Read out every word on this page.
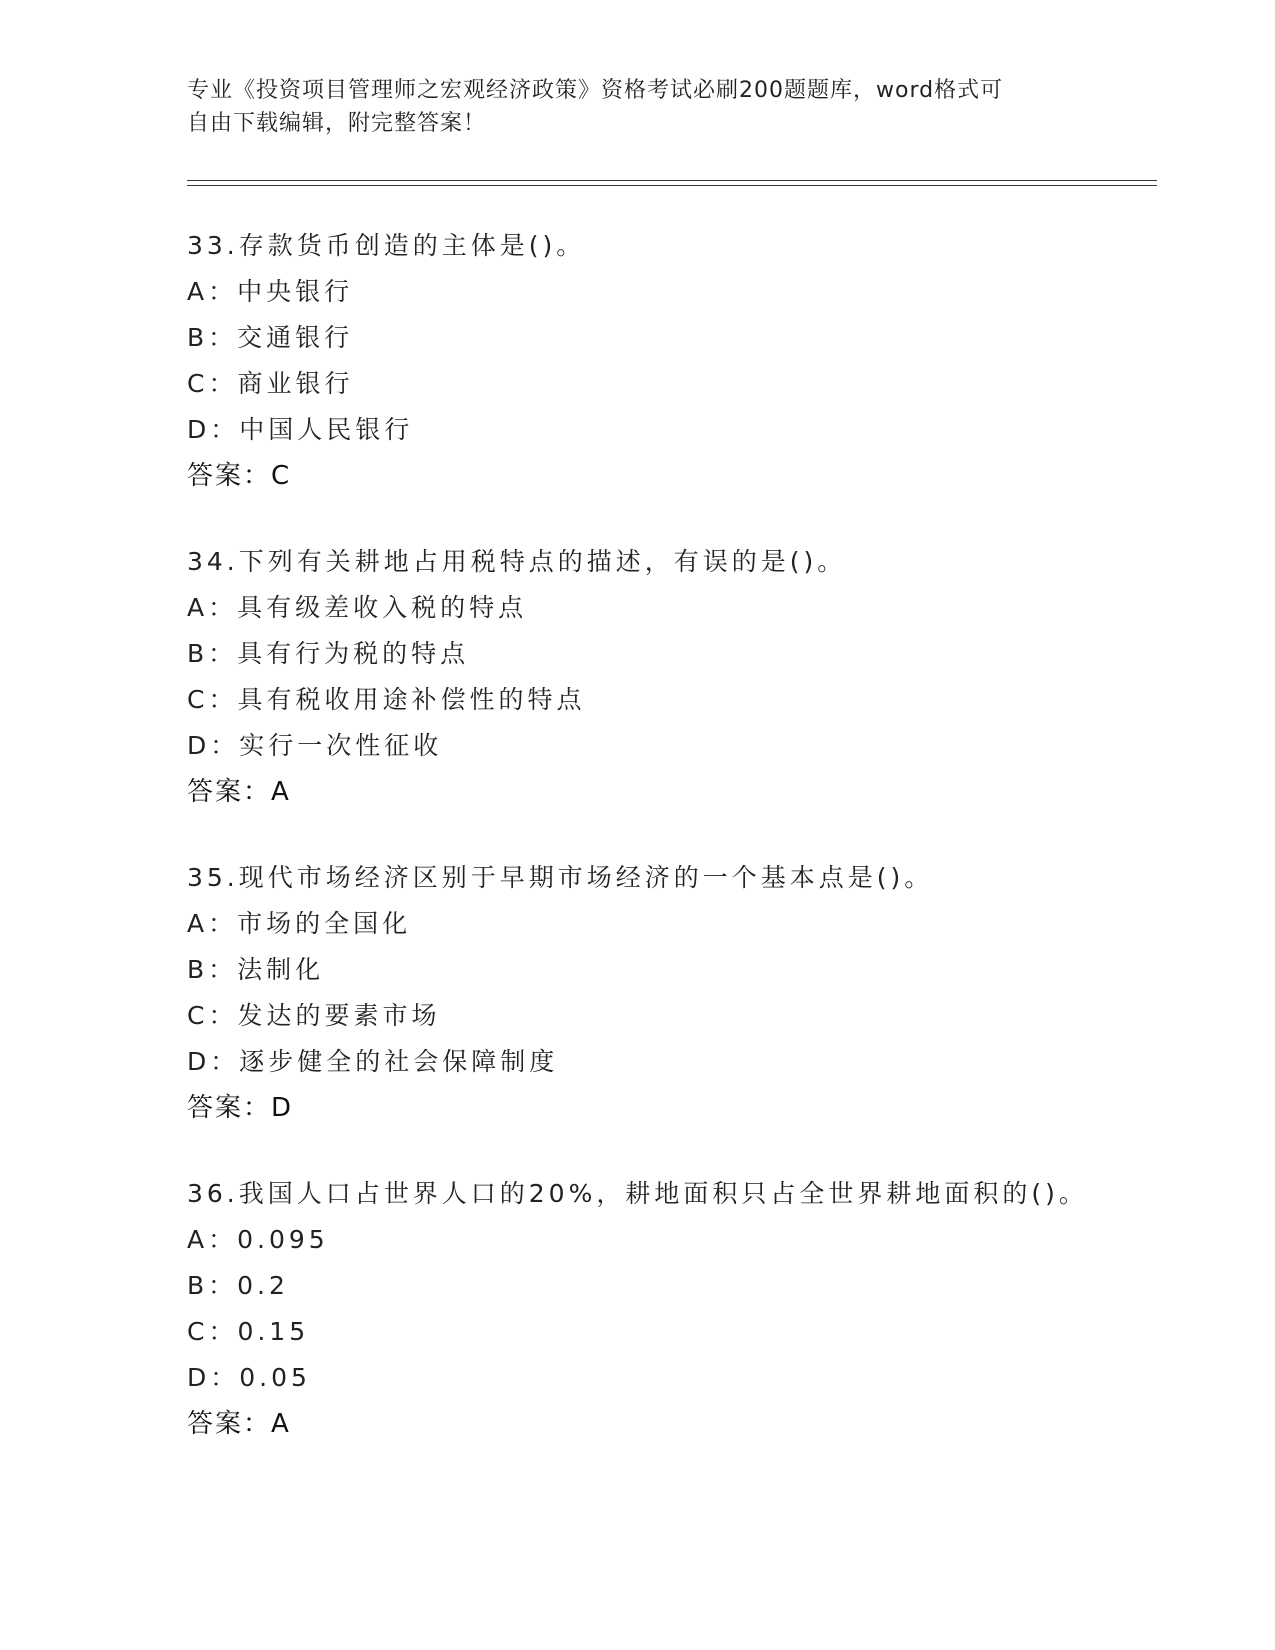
专业《投资项目管理师之宏观经济政策》资格考试必刷200题题库，word格式可
自由下载编辑，附完整答案！
33.存款货币创造的主体是()。
A：中央银行
B：交通银行
C：商业银行
D：中国人民银行
答案：C
34.下列有关耕地占用税特点的描述，有误的是()。
A：具有级差收入税的特点
B：具有行为税的特点
C：具有税收用途补偿性的特点
D：实行一次性征收
答案：A
35.现代市场经济区别于早期市场经济的一个基本点是()。
A：市场的全国化
B：法制化
C：发达的要素市场
D：逐步健全的社会保障制度
答案：D
36.我国人口占世界人口的20%，耕地面积只占全世界耕地面积的()。
A：0.095
B：0.2
C：0.15
D：0.05
答案：A
